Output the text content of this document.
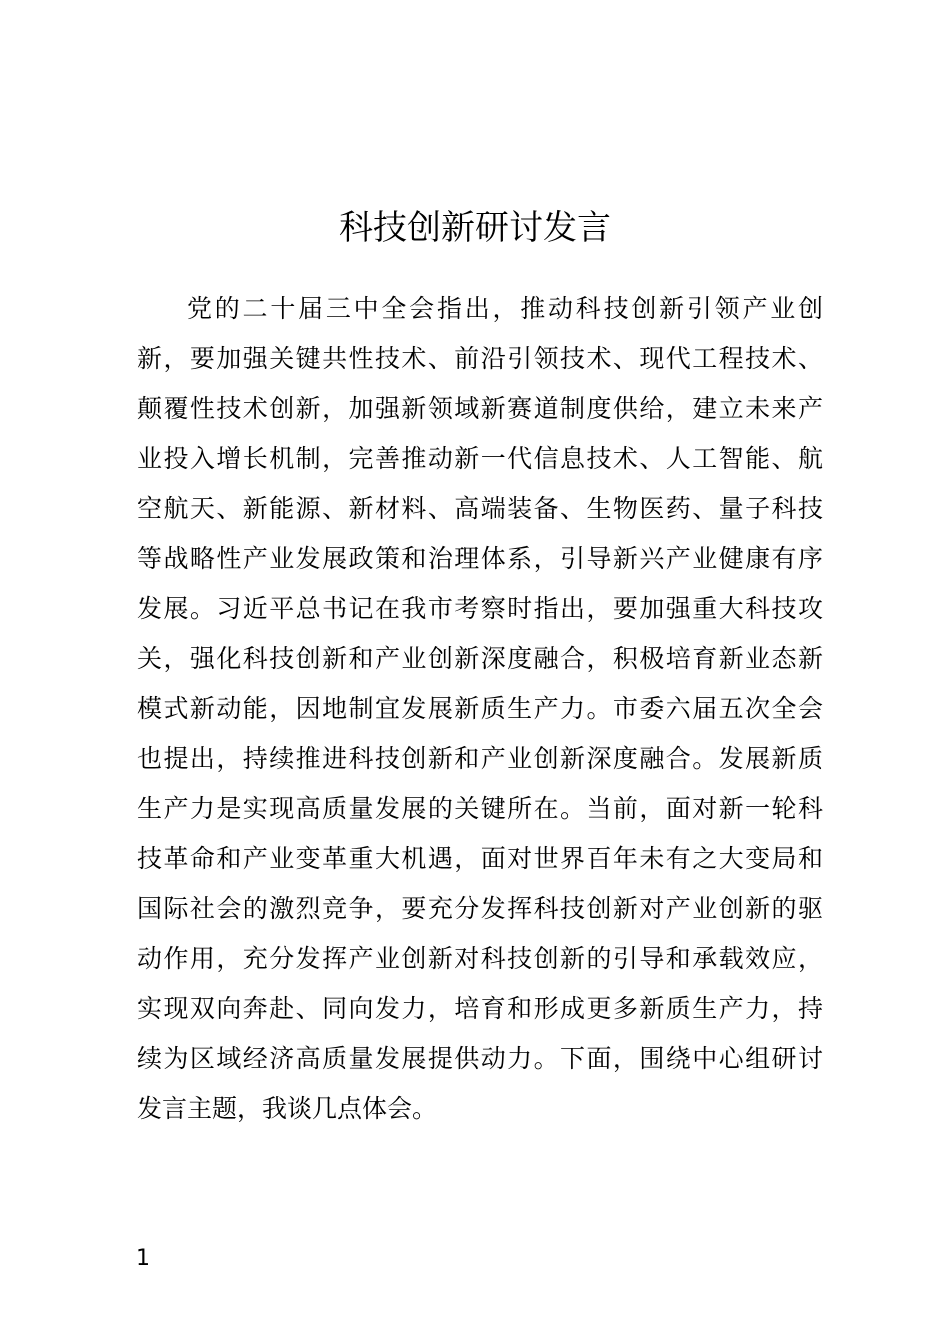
科技创新研讨发言
党的二十届三中全会指出，推动科技创新引领产业创
新，要加强关键共性技术、前沿引领技术、现代工程技术、
颠覆性技术创新，加强新领域新赛道制度供给，建立未来产
业投入增长机制，完善推动新一代信息技术、人工智能、航
空航天、新能源、新材料、高端装备、生物医药、量子科技
等战略性产业发展政策和治理体系，引导新兴产业健康有序
发展。习近平总书记在我市考察时指出，要加强重大科技攻
关，强化科技创新和产业创新深度融合，积极培育新业态新
模式新动能，因地制宜发展新质生产力。市委六届五次全会
也提出，持续推进科技创新和产业创新深度融合。发展新质
生产力是实现高质量发展的关键所在。当前，面对新一轮科
技革命和产业变革重大机遇，面对世界百年未有之大变局和
国际社会的激烈竞争，要充分发挥科技创新对产业创新的驱
动作用，充分发挥产业创新对科技创新的引导和承载效应，
实现双向奔赴、同向发力，培育和形成更多新质生产力，持
续为区域经济高质量发展提供动力。下面，围绕中心组研讨
发言主题，我谈几点体会。
1
